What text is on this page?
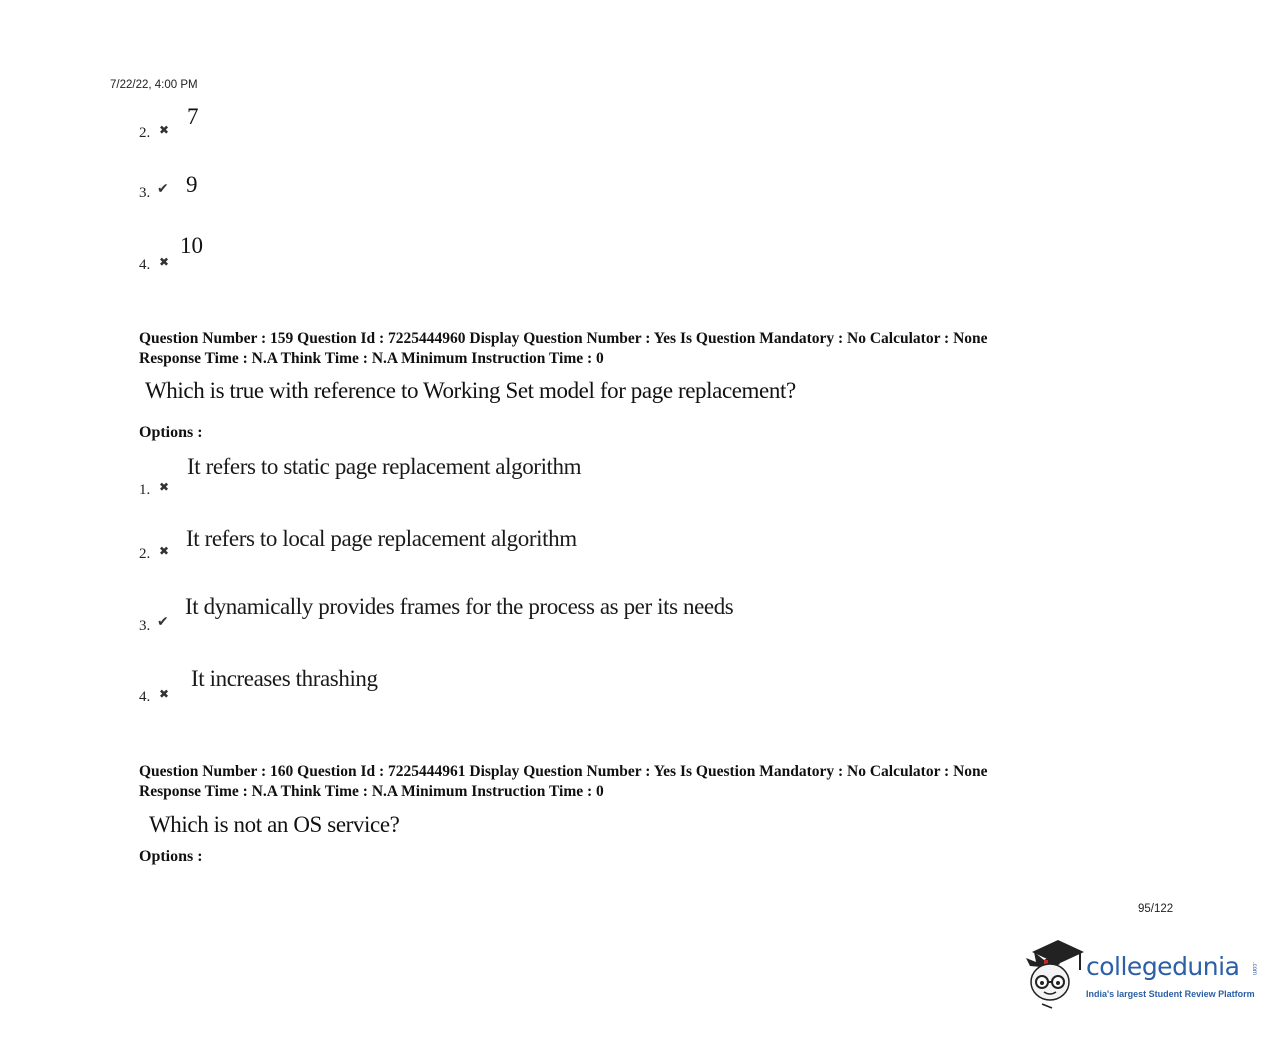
7/22/22, 4:00 PM
2. ✖
7
3. ✔ 9
4. ✖
10
Question Number : 159 Question Id : 7225444960 Display Question Number : Yes Is Question Mandatory : No Calculator : None
Response Time : N.A Think Time : N.A Minimum Instruction Time : 0
Which is true with reference to Working Set model for page replacement?
Options :
1. ✖
It refers to static page replacement algorithm
2. ✖ It refers to local page replacement algorithm
3. ✔
It dynamically provides frames for the process as per its needs
4. ✖
It increases thrashing
Question Number : 160 Question Id : 7225444961 Display Question Number : Yes Is Question Mandatory : No Calculator : None
Response Time : N.A Think Time : N.A Minimum Instruction Time : 0
Which is not an OS service?
Options :
95/122
collegedunia .com
India's largest Student Review Platform
